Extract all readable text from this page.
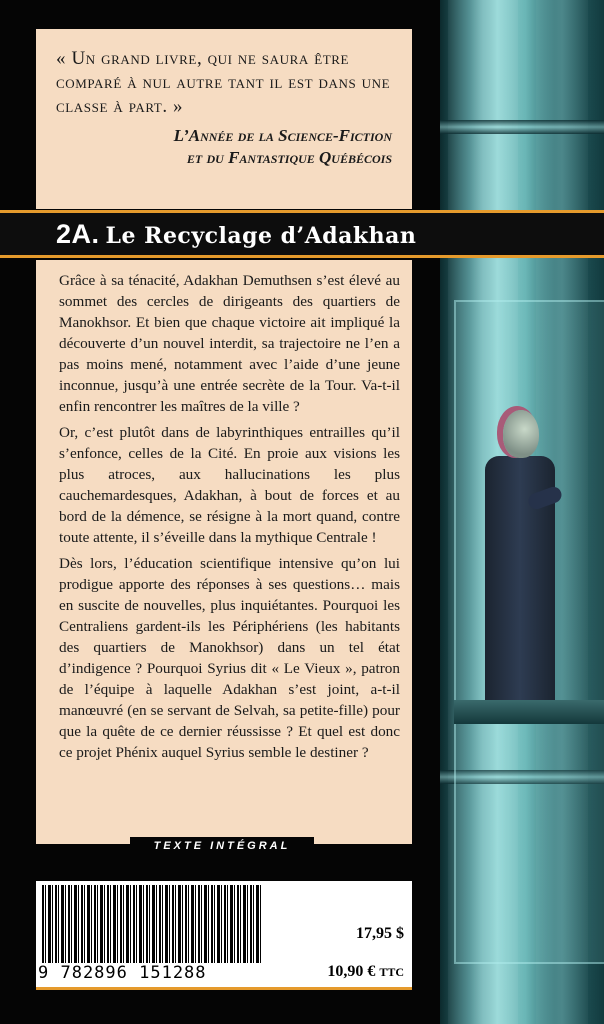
« Un grand livre, qui ne saura être comparé à nul autre tant il est dans une classe à part. »

L’Année de la Science-Fiction
et du Fantastique Québécois
2A. Le Recyclage d’Adakhan

Grâce à sa ténacité, Adakhan Demuthsen s’est élevé au sommet des cercles de dirigeants des quartiers de Manokhsor. Et bien que chaque victoire ait impliqué la découverte d’un nouvel interdit, sa trajectoire ne l’en a pas moins mené, notamment avec l’aide d’une jeune inconnue, jusqu’à une entrée secrète de la Tour. Va-t-il enfin rencontrer les maîtres de la ville ?

Or, c’est plutôt dans de labyrinthiques entrailles qu’il s’enfonce, celles de la Cité. En proie aux visions les plus atroces, aux hallucinations les plus cauchemardesques, Adakhan, à bout de forces et au bord de la démence, se résigne à la mort quand, contre toute attente, il s’éveille dans la mythique Centrale !

Dès lors, l’éducation scientifique intensive qu’on lui prodigue apporte des réponses à ses questions… mais en suscite de nouvelles, plus inquiétantes. Pourquoi les Centraliens gardent-ils les Périphériens (les habitants des quartiers de Manokhsor) dans un tel état d’indigence ? Pourquoi Syrius dit « Le Vieux », patron de l’équipe à laquelle Adakhan s’est joint, a-t-il manœuvré (en se servant de Selvah, sa petite-fille) pour que la quête de ce dernier réussisse ? Et quel est donc ce projet Phénix auquel Syrius semble le destiner ?

TEXTE INTÉGRAL
9 782896 151288
17,95 $
10,90 € TTC
